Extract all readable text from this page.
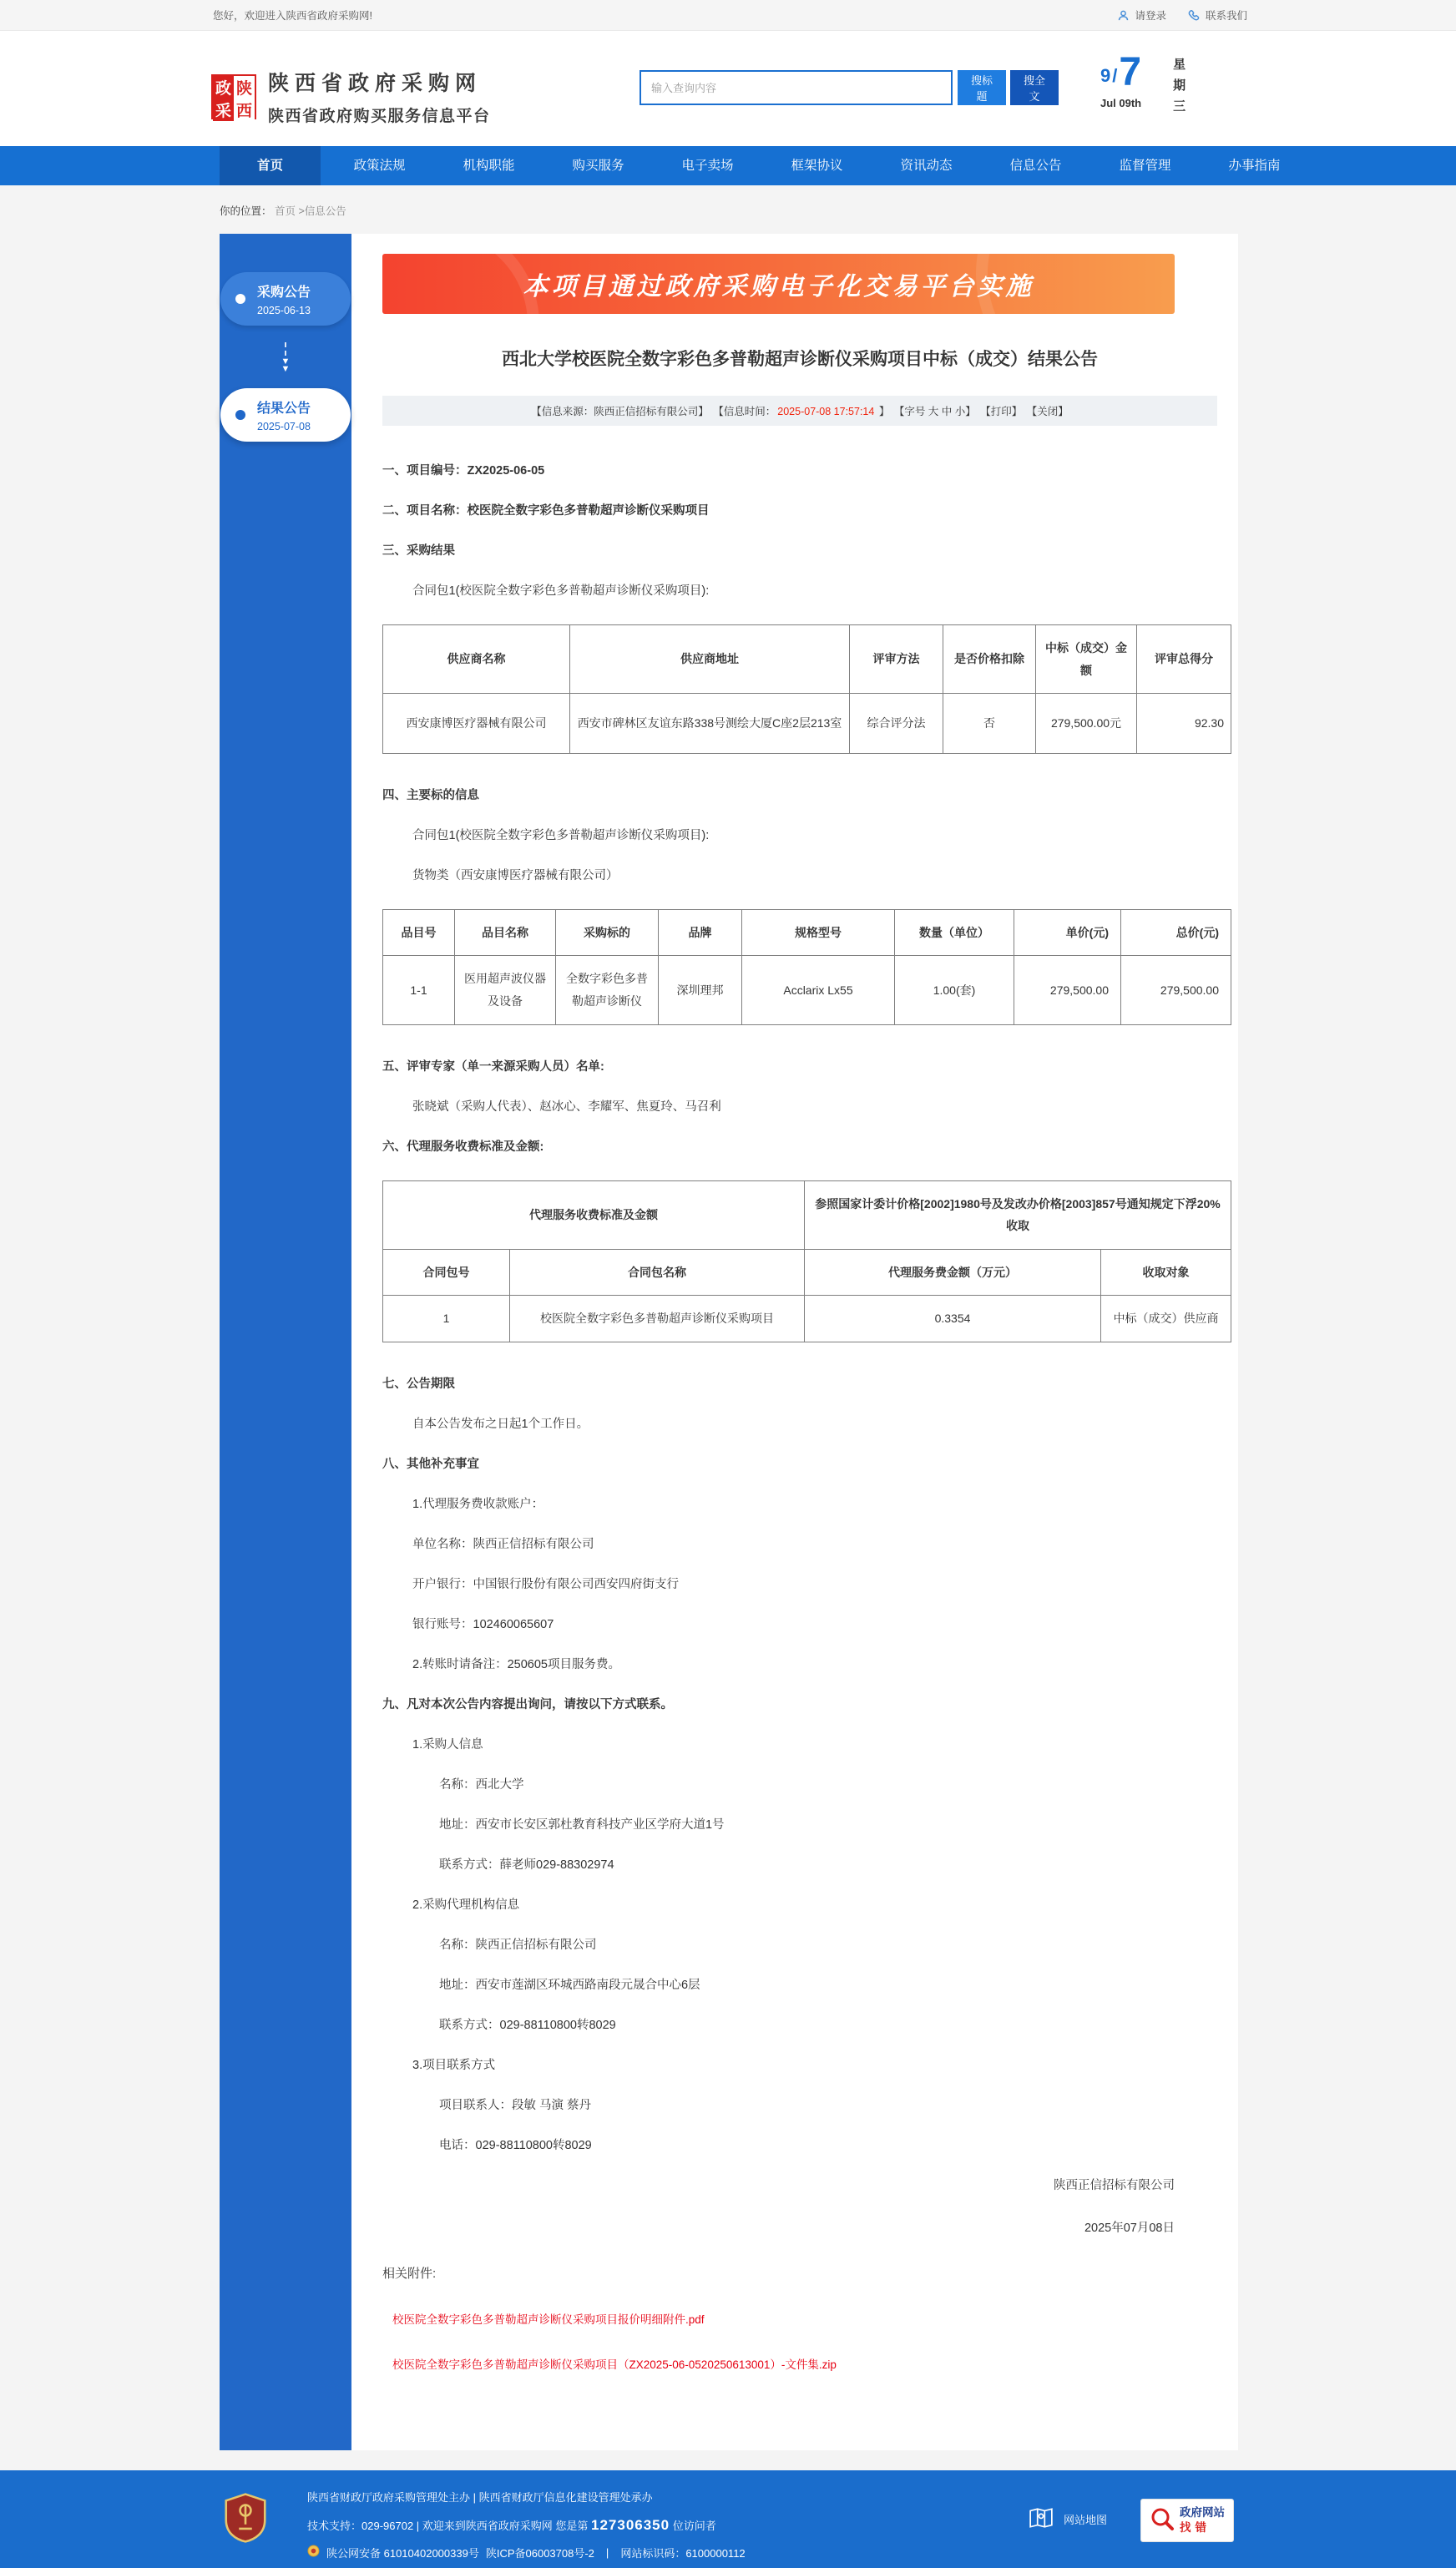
您好，欢迎进入陕西省政府采购网!	请登录	联系我们
政 陕
采 西
陕西省政府采购网
陕西省政府购买服务信息平台
输入查询内容
搜标题
搜全文
9 / 7
Jul 09th 星期三
首页	政策法规	机构职能	购买服务	电子卖场	框架协议	资讯动态	信息公告	监督管理	办事指南
你的位置： 首页 >信息公告
采购公告
2025-06-13
▼
▼
结果公告
2025-07-08
本项目通过政府采购电子化交易平台实施
西北大学校医院全数字彩色多普勒超声诊断仪采购项目中标（成交）结果公告
【信息来源：陕西正信招标有限公司】 【信息时间： 2025-07-08 17:57:14 】 【字号 大 中 小】 【打印】 【关闭】

一、项目编号：ZX2025-06-05

二、项目名称：校医院全数字彩色多普勒超声诊断仪采购项目

三、采购结果

合同包1(校医院全数字彩色多普勒超声诊断仪采购项目):

供应商名称	供应商地址	评审方法	是否价格扣除	中标（成交）金额	评审总得分
西安康博医疗器械有限公司	西安市碑林区友谊东路338号测绘大厦C座2层213室	综合评分法	否	279,500.00元	92.30

四、主要标的信息

合同包1(校医院全数字彩色多普勒超声诊断仪采购项目):

货物类（西安康博医疗器械有限公司）

品目号	品目名称	采购标的	品牌	规格型号	数量（单位）	单价(元)	总价(元)
1-1	医用超声波仪器及设备	全数字彩色多普勒超声诊断仪	深圳理邦	Acclarix Lx55	1.00(套)	279,500.00	279,500.00

五、评审专家（单一来源采购人员）名单:

张晓斌（采购人代表）、赵冰心、李耀军、焦夏玲、马召利

六、代理服务收费标准及金额:

代理服务收费标准及金额		参照国家计委计价格[2002]1980号及发改办价格[2003]857号通知规定下浮20%收取	
合同包号	合同包名称	代理服务费金额（万元）	收取对象
1	校医院全数字彩色多普勒超声诊断仪采购项目	0.3354	中标（成交）供应商

七、公告期限

自本公告发布之日起1个工作日。

八、其他补充事宜

1.代理服务费收款账户：

单位名称：陕西正信招标有限公司

开户银行：中国银行股份有限公司西安四府街支行

银行账号：102460065607

2.转账时请备注：250605项目服务费。

九、凡对本次公告内容提出询问，请按以下方式联系。

1.采购人信息

名称：西北大学

地址：西安市长安区郭杜教育科技产业区学府大道1号

联系方式：薛老师029-88302974

2.采购代理机构信息

名称：陕西正信招标有限公司

地址：西安市莲湖区环城西路南段元晟合中心6层

联系方式：029-88110800转8029

3.项目联系方式

项目联系人：段敏 马演 蔡丹

电话：029-88110800转8029

陕西正信招标有限公司

2025年07月08日

相关附件:

校医院全数字彩色多普勒超声诊断仪采购项目报价明细附件.pdf
校医院全数字彩色多普勒超声诊断仪采购项目（ZX2025-06-0520250613001）-文件集.zip
陕西省财政厅政府采购管理处主办 | 陕西省财政厅信息化建设管理处承办
技术支持：029-96702 | 欢迎来到陕西省政府采购网 您是第 127306350 位访问者
陕公网安备 61010402000339号 陕ICP备06003708号-2 | 网站标识码：6100000112
网站地图
政府网站
找错
